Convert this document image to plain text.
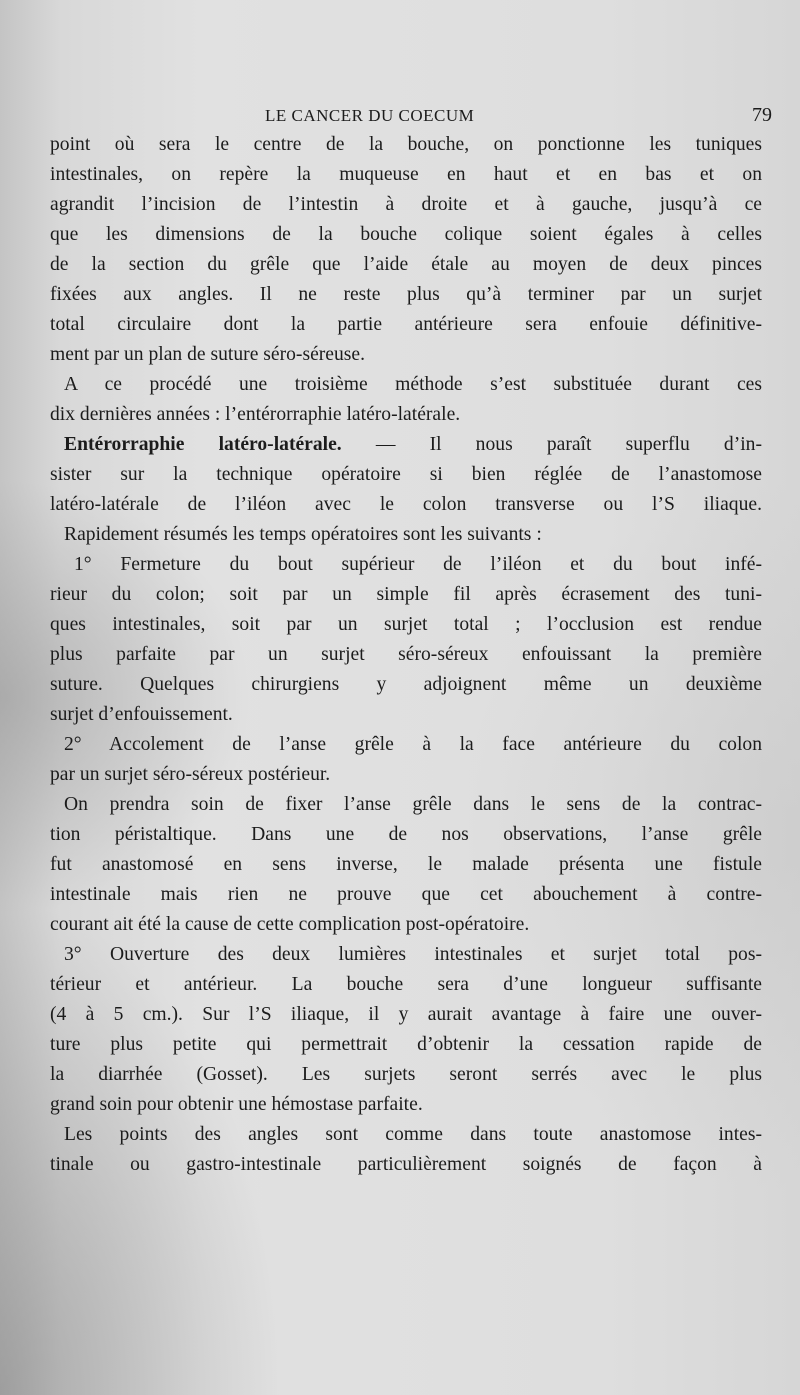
LE CANCER DU COECUM	79
point où sera le centre de la bouche, on ponctionne les tuniques
intestinales, on repère la muqueuse en haut et en bas et on
agrandit l’incision de l’intestin à droite et à gauche, jusqu’à ce
que les dimensions de la bouche colique soient égales à celles
de la section du grêle que l’aide étale au moyen de deux pinces
fixées aux angles. Il ne reste plus qu’à terminer par un surjet
total circulaire dont la partie antérieure sera enfouie définitive-
ment par un plan de suture séro-séreuse.
A ce procédé une troisième méthode s’est substituée durant ces
dix dernières années : l’entérorraphie latéro-latérale.
Entérorraphie latéro-latérale. — Il nous paraît superflu d’in-
sister sur la technique opératoire si bien réglée de l’anastomose
latéro-latérale de l’iléon avec le colon transverse ou l’S iliaque.
Rapidement résumés les temps opératoires sont les suivants :
1° Fermeture du bout supérieur de l’iléon et du bout infé-
rieur du colon; soit par un simple fil après écrasement des tuni-
ques intestinales, soit par un surjet total ; l’occlusion est rendue
plus parfaite par un surjet séro-séreux enfouissant la première
suture. Quelques chirurgiens y adjoignent même un deuxième
surjet d’enfouissement.
2° Accolement de l’anse grêle à la face antérieure du colon
par un surjet séro-séreux postérieur.
On prendra soin de fixer l’anse grêle dans le sens de la contrac-
tion péristaltique. Dans une de nos observations, l’anse grêle
fut anastomosé en sens inverse, le malade présenta une fistule
intestinale mais rien ne prouve que cet abouchement à contre-
courant ait été la cause de cette complication post-opératoire.
3° Ouverture des deux lumières intestinales et surjet total pos-
térieur et antérieur. La bouche sera d’une longueur suffisante
(4 à 5 cm.). Sur l’S iliaque, il y aurait avantage à faire une ouver-
ture plus petite qui permettrait d’obtenir la cessation rapide de
la diarrhée (Gosset). Les surjets seront serrés avec le plus
grand soin pour obtenir une hémostase parfaite.
Les points des angles sont comme dans toute anastomose intes-
tinale ou gastro-intestinale particulièrement soignés de façon à
